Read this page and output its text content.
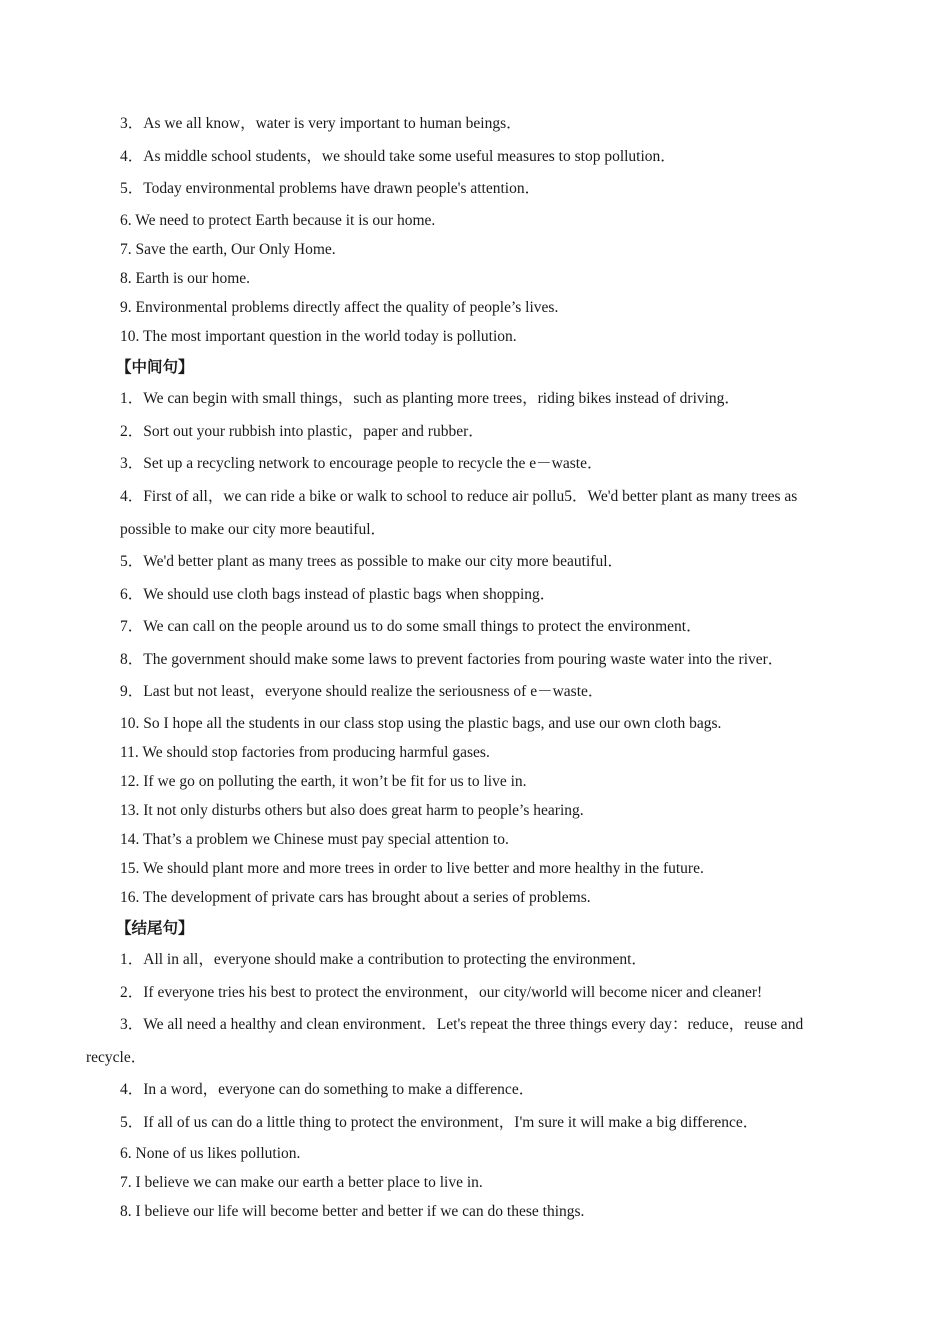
3．As we all know，water is very important to human beings．
4．As middle school students，we should take some useful measures to stop pollution．
5．Today environmental problems have drawn people's attention．
6. We need to protect Earth because it is our home.
7. Save the earth, Our Only Home.
8. Earth is our home.
9. Environmental problems directly affect the quality of people’s lives.
10. The most important question in the world today is pollution.
【中间句】
1．We can begin with small things，such as planting more trees，riding bikes instead of driving．
2．Sort out your rubbish into plastic，paper and rubber．
3．Set up a recycling network to encourage people to recycle the e－waste．
4．First of all，we can ride a bike or walk to school to reduce air pollu5．We'd better plant as many trees as
possible to make our city more beautiful．
5．We'd better plant as many trees as possible to make our city more beautiful．
6．We should use cloth bags instead of plastic bags when shopping．
7．We can call on the people around us to do some small things to protect the environment．
8．The government should make some laws to prevent factories from pouring waste water into the river．
9．Last but not least，everyone should realize the seriousness of e－waste．
10. So I hope all the students in our class stop using the plastic bags, and use our own cloth bags.
11. We should stop factories from producing harmful gases.
12. If we go on polluting the earth, it won’t be fit for us to live in.
13. It not only disturbs others but also does great harm to people’s hearing.
14. That’s a problem we Chinese must pay special attention to.
15. We should plant more and more trees in order to live better and more healthy in the future.
16. The development of private cars has brought about a series of problems.
【结尾句】
1．All in all，everyone should make a contribution to protecting the environment．
2．If everyone tries his best to protect the environment，our city/world will become nicer and cleaner!
3．We all need a healthy and clean environment．Let's repeat the three things every day：reduce，reuse and
recycle．
4．In a word，everyone can do something to make a difference．
5．If all of us can do a little thing to protect the environment，I'm sure it will make a big difference．
6. None of us likes pollution.
7. I believe we can make our earth a better place to live in.
8. I believe our life will become better and better if we can do these things.
